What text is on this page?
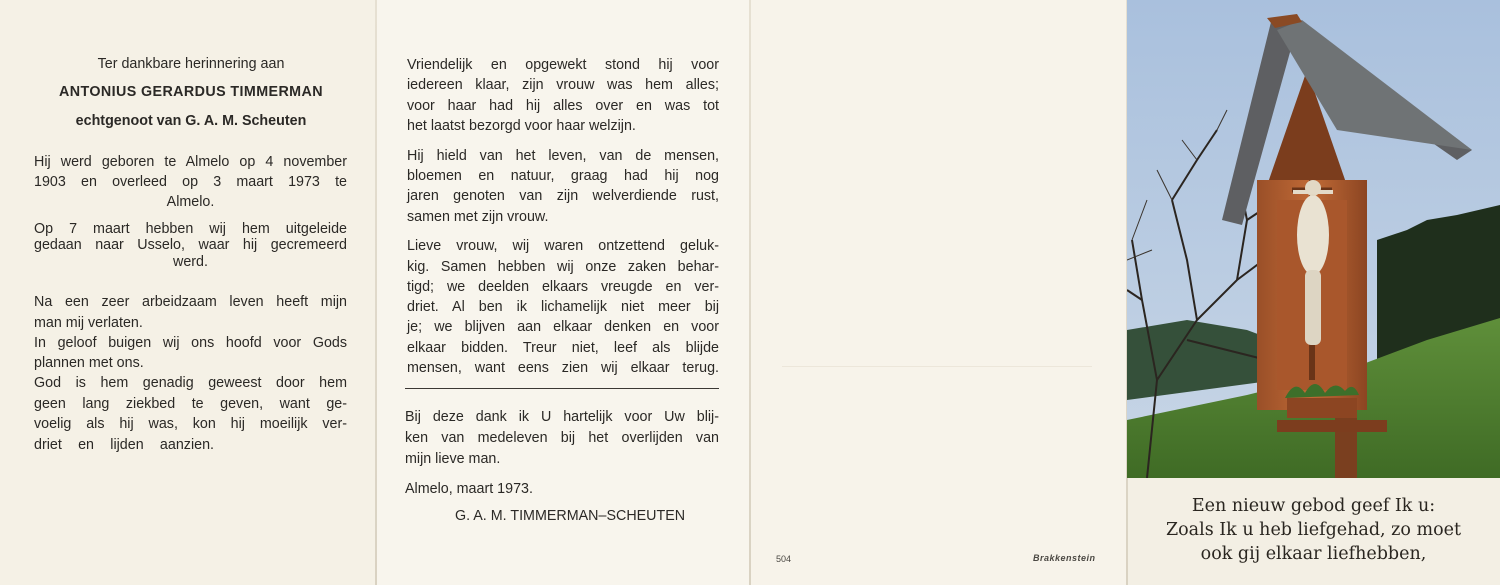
Ter dankbare herinnering aan
ANTONIUS GERARDUS TIMMERMAN
echtgenoot van G. A. M. Scheuten
Hij werd geboren te Almelo op 4 november
1903 en overleed op 3 maart 1973 te
Almelo.
Op 7 maart hebben wij hem uitgeleide
gedaan naar Usselo, waar hij gecremeerd
werd.
Na een zeer arbeidzaam leven heeft mijn
man mij verlaten.
In geloof buigen wij ons hoofd voor Gods
plannen met ons.
God is hem genadig geweest door hem
geen lang ziekbed te geven, want ge-
voelig als hij was, kon hij moeilijk ver-
driet en lijden aanzien.
Vriendelijk en opgewekt stond hij voor
iedereen klaar, zijn vrouw was hem alles;
voor haar had hij alles over en was tot
het laatst bezorgd voor haar welzijn.
Hij hield van het leven, van de mensen,
bloemen en natuur, graag had hij nog
jaren genoten van zijn welverdiende rust,
samen met zijn vrouw.
Lieve vrouw, wij waren ontzettend geluk-
kig. Samen hebben wij onze zaken behar-
tigd; we deelden elkaars vreugde en ver-
driet. Al ben ik lichamelijk niet meer bij
je; we blijven aan elkaar denken en voor
elkaar bidden. Treur niet, leef als blijde
mensen, want eens zien wij elkaar terug.
Bij deze dank ik U hartelijk voor Uw blij-
ken van medeleven bij het overlijden van
mijn lieve man.
Almelo, maart 1973.
G. A. M. TIMMERMAN–SCHEUTEN
504	Brakkenstein
Een nieuw gebod geef Ik u:
Zoals Ik u heb liefgehad, zo moet
ook gij elkaar liefhebben,
